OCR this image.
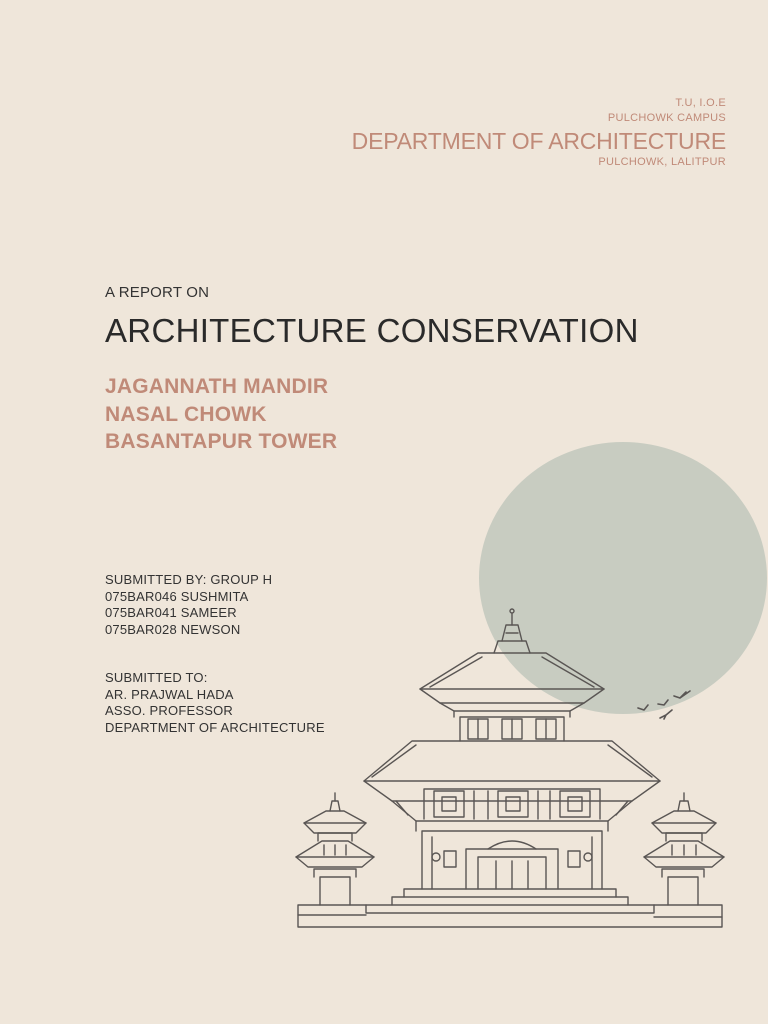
T.U, I.O.E
PULCHOWK CAMPUS
DEPARTMENT OF ARCHITECTURE
PULCHOWK, LALITPUR
A REPORT ON
ARCHITECTURE CONSERVATION
JAGANNATH MANDIR
NASAL CHOWK
BASANTAPUR TOWER
SUBMITTED BY: GROUP H
075BAR046 SUSHMITA
075BAR041 SAMEER
075BAR028 NEWSON
SUBMITTED TO:
AR. PRAJWAL HADA
ASSO. PROFESSOR
DEPARTMENT OF ARCHITECTURE
